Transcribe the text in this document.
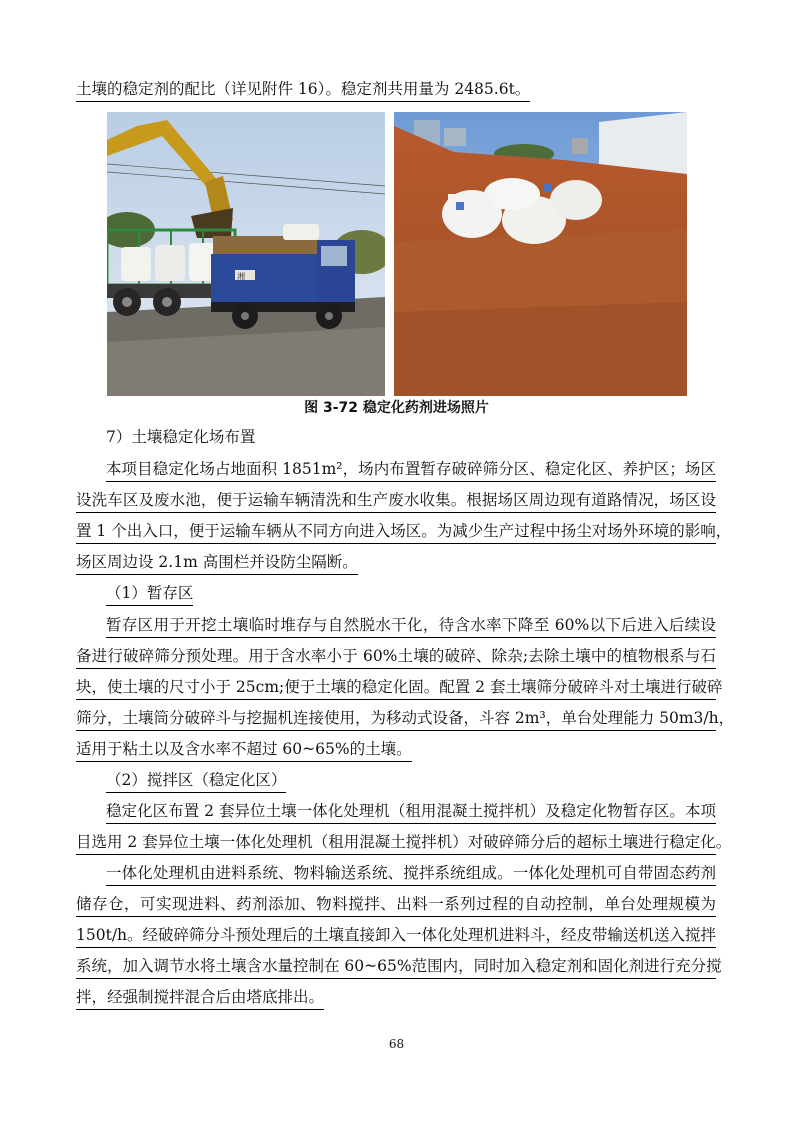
土壤的稳定剂的配比（详见附件 16）。稳定剂共用量为 2485.6t。
湘
图 3-72 稳定化药剂进场照片
7）土壤稳定化场布置
本项目稳定化场占地面积 1851m²，场内布置暂存破碎筛分区、稳定化区、养护区；场区
设洗车区及废水池，便于运输车辆清洗和生产废水收集。根据场区周边现有道路情况，场区设
置 1 个出入口，便于运输车辆从不同方向进入场区。为减少生产过程中扬尘对场外环境的影响，
场区周边设 2.1m 高围栏并设防尘隔断。
（1）暂存区
暂存区用于开挖土壤临时堆存与自然脱水干化，待含水率下降至 60%以下后进入后续设
备进行破碎筛分预处理。用于含水率小于 60%土壤的破碎、除杂;去除土壤中的植物根系与石
块，使土壤的尺寸小于 25cm;便于土壤的稳定化固。配置 2 套土壤筛分破碎斗对土壤进行破碎
筛分，土壤筒分破碎斗与挖掘机连接使用，为移动式设备，斗容 2m³，单台处理能力 50m3/h，
适用于粘土以及含水率不超过 60~65%的土壤。
（2）搅拌区（稳定化区）
稳定化区布置 2 套异位土壤一体化处理机（租用混凝土搅拌机）及稳定化物暂存区。本项
目选用 2 套异位土壤一体化处理机（租用混凝土搅拌机）对破碎筛分后的超标土壤进行稳定化。
一体化处理机由进料系统、物料输送系统、搅拌系统组成。一体化处理机可自带固态药剂
储存仓，可实现进料、药剂添加、物料搅拌、出料一系列过程的自动控制，单台处理规模为
150t/h。经破碎筛分斗预处理后的土壤直接卸入一体化处理机进料斗，经皮带输送机送入搅拌
系统，加入调节水将土壤含水量控制在 60~65%范围内，同时加入稳定剂和固化剂进行充分搅
拌，经强制搅拌混合后由塔底排出。
68
